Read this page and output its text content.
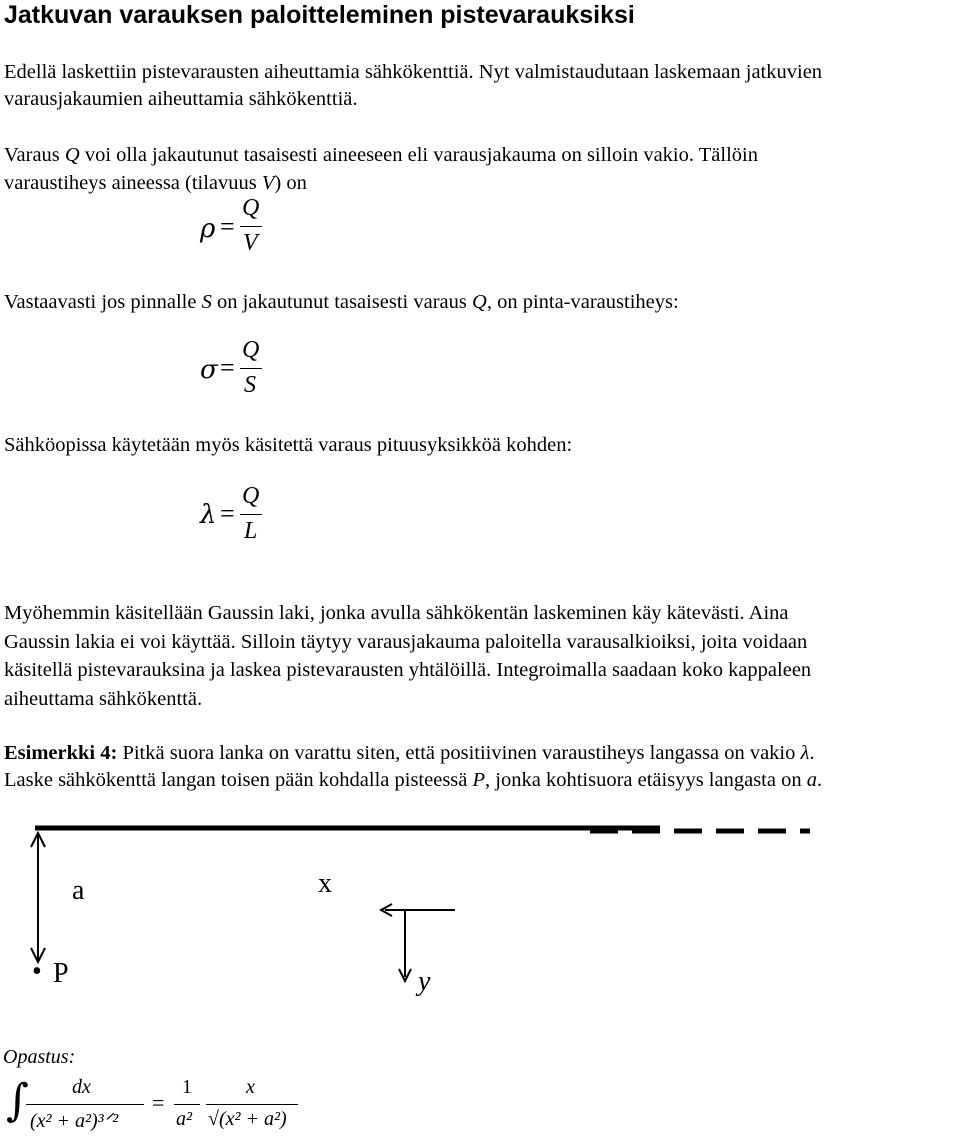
Jatkuvan varauksen paloitteleminen pistevarauksiksi
Edellä laskettiin pistevarausten aiheuttamia sähkökenttiä. Nyt valmistaudutaan laskemaan jatkuvien
varausjakaumien aiheuttamia sähkökenttiä.
Varaus Q voi olla jakautunut tasaisesti aineeseen eli varausjakauma on silloin vakio. Tällöin
varaustiheys aineessa (tilavuus V) on
ρ =
Q
V
Vastaavasti jos pinnalle S on jakautunut tasaisesti varaus Q, on pinta-varaustiheys:
σ =
Q
S
Sähköopissa käytetään myös käsitettä varaus pituusyksikköä kohden:
λ =
Q
L
Myöhemmin käsitellään Gaussin laki, jonka avulla sähkökentän laskeminen käy kätevästi. Aina
Gaussin lakia ei voi käyttää. Silloin täytyy varausjakauma paloitella varausalkioiksi, joita voidaan
käsitellä pistevarauksina ja laskea pistevarausten yhtälöillä. Integroimalla saadaan koko kappaleen
aiheuttama sähkökenttä.
Esimerkki 4: Pitkä suora lanka on varattu siten, että positiivinen varaustiheys langassa on vakio λ.
Laske sähkökenttä langan toisen pään kohdalla pisteessä P, jonka kohtisuora etäisyys langasta on a.
a	x
• P	y
Opastus:
∫ dx
(x² + a²)³ᐟ²
=
1
a²
x
√(x² + a²)
